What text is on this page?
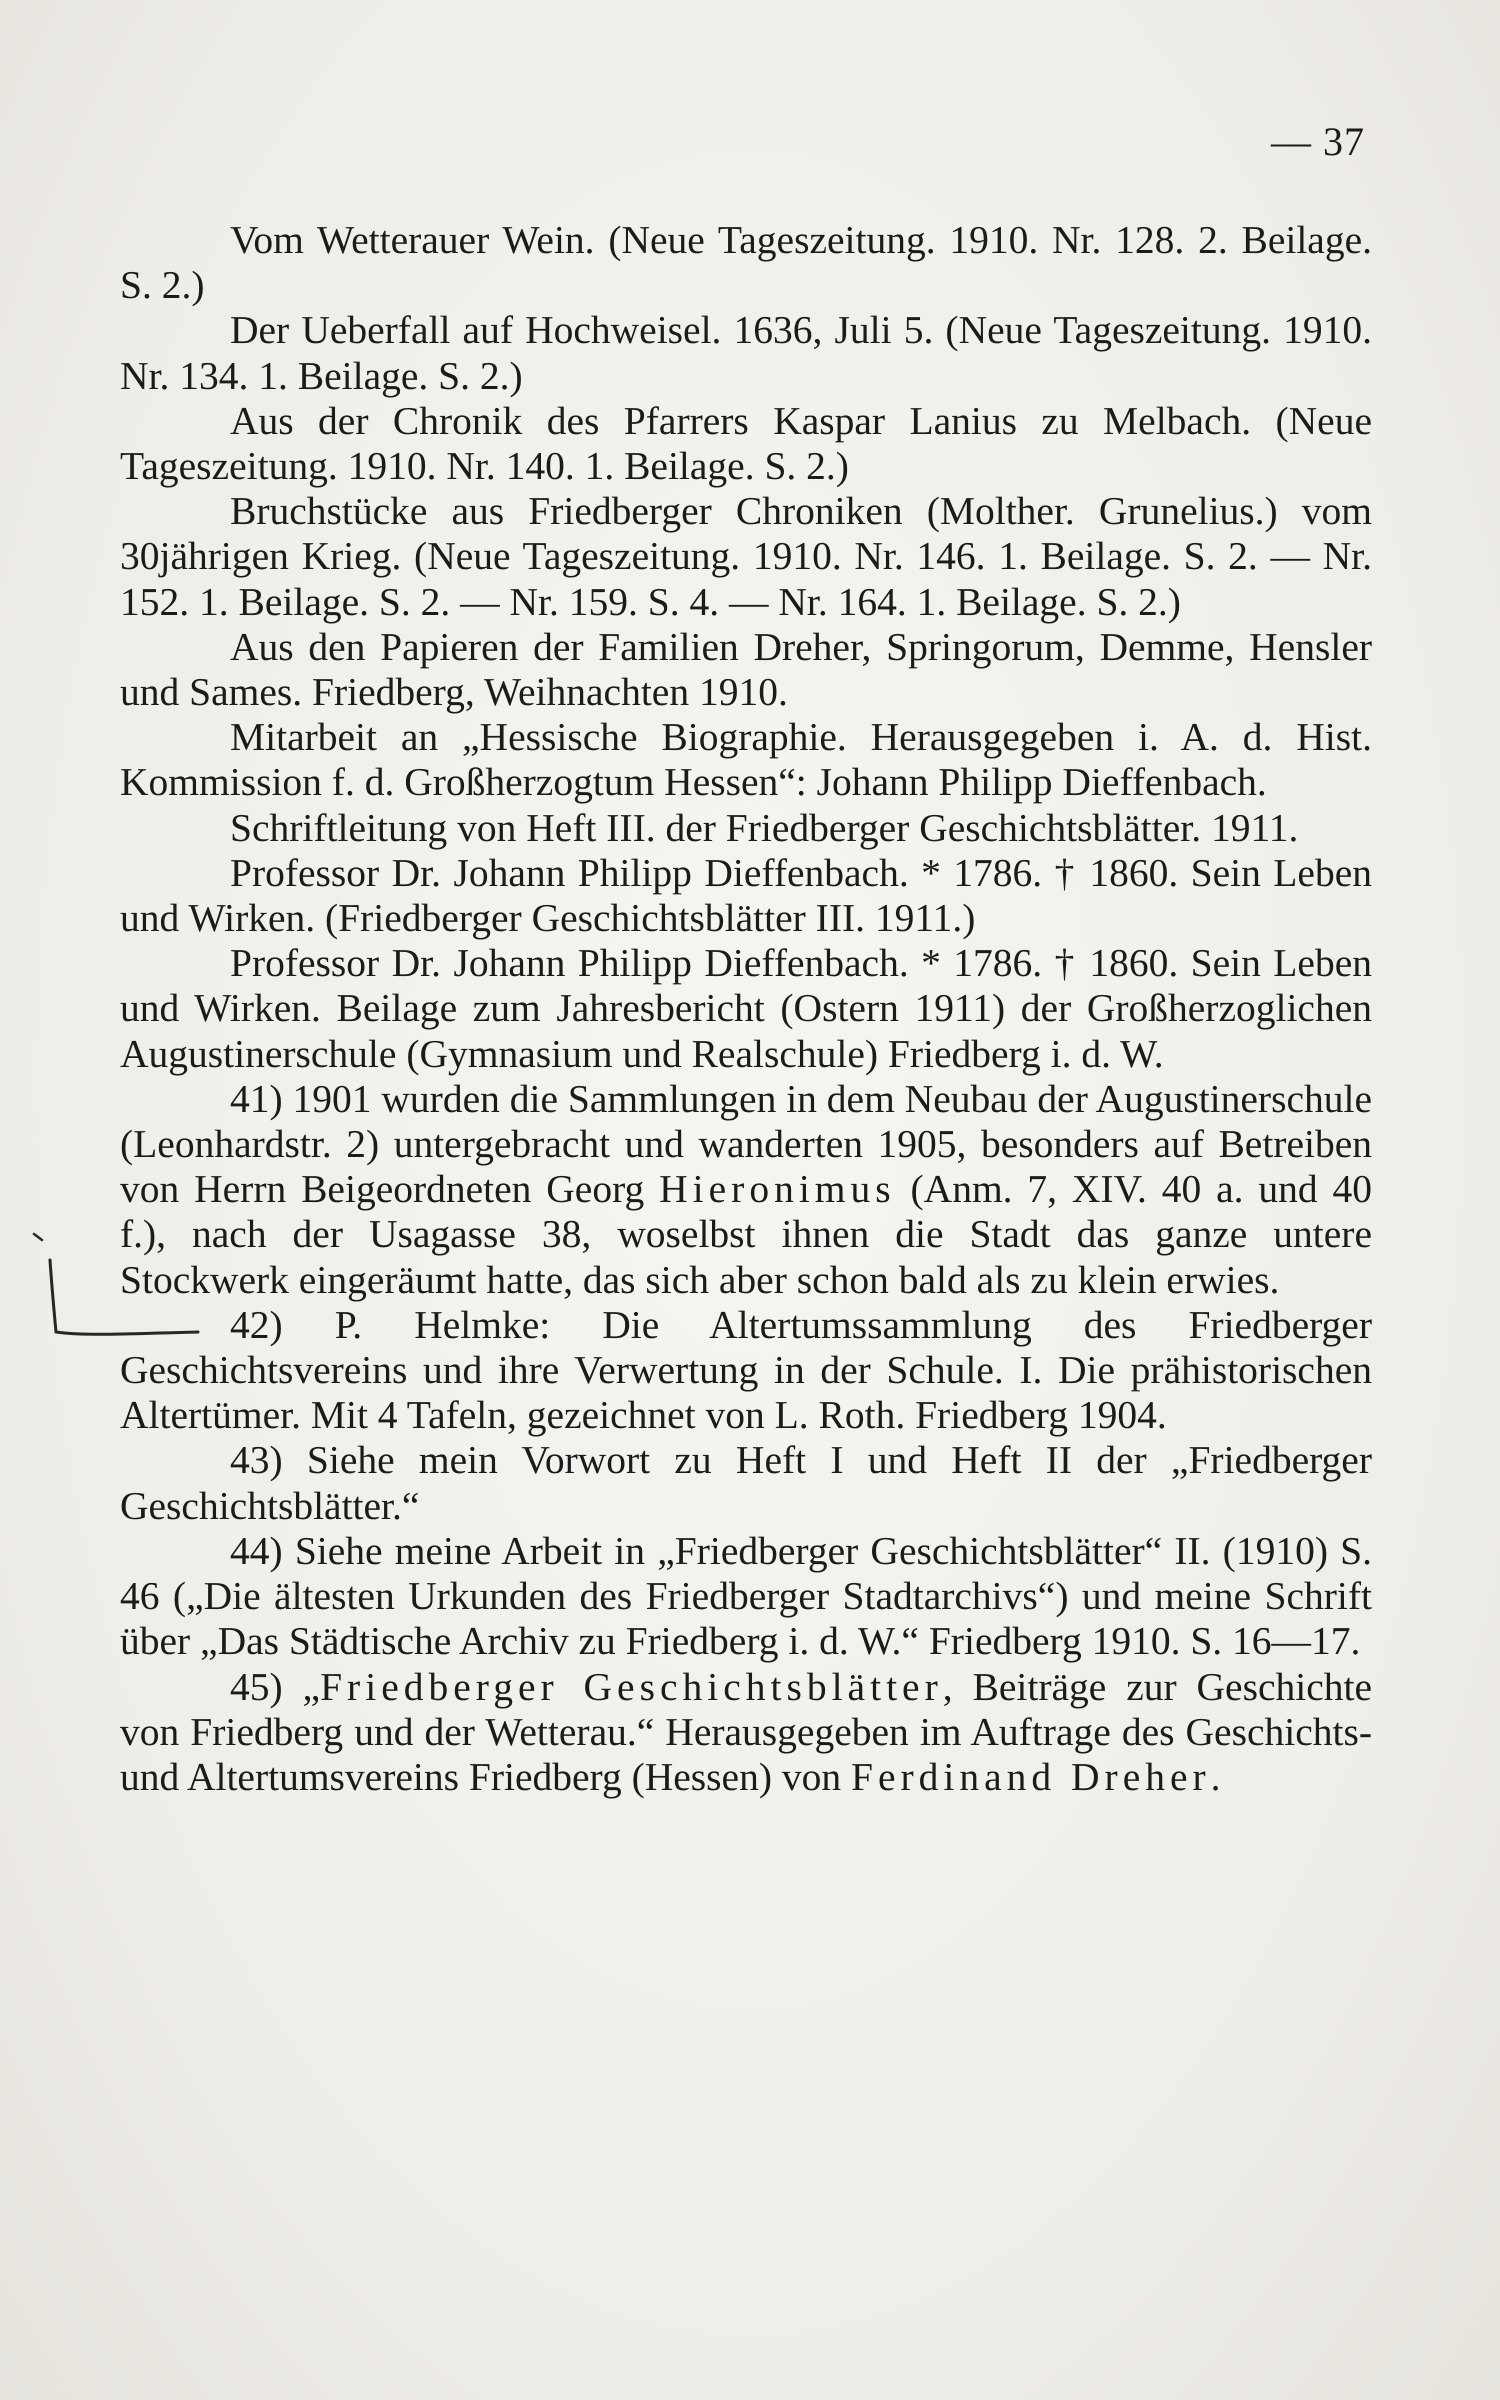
— 37

Vom Wetterauer Wein. (Neue Tageszeitung. 1910. Nr. 128. 2. Beilage. S. 2.)

Der Ueberfall auf Hochweisel. 1636, Juli 5. (Neue Tageszeitung. 1910. Nr. 134. 1. Beilage. S. 2.)

Aus der Chronik des Pfarrers Kaspar Lanius zu Melbach. (Neue Tageszeitung. 1910. Nr. 140. 1. Beilage. S. 2.)

Bruchstücke aus Friedberger Chroniken (Molther. Grunelius.) vom 30jährigen Krieg. (Neue Tageszeitung. 1910. Nr. 146. 1. Beilage. S. 2. — Nr. 152. 1. Beilage. S. 2. — Nr. 159. S. 4. — Nr. 164. 1. Beilage. S. 2.)

Aus den Papieren der Familien Dreher, Springorum, Demme, Hensler und Sames. Friedberg, Weihnachten 1910.

Mitarbeit an „Hessische Biographie. Herausgegeben i. A. d. Hist. Kommission f. d. Großherzogtum Hessen“: Johann Philipp Dieffenbach.

Schriftleitung von Heft III. der Friedberger Geschichtsblätter. 1911.

Professor Dr. Johann Philipp Dieffenbach. * 1786. † 1860. Sein Leben und Wirken. (Friedberger Geschichtsblätter III. 1911.)

Professor Dr. Johann Philipp Dieffenbach. * 1786. † 1860. Sein Leben und Wirken. Beilage zum Jahresbericht (Ostern 1911) der Großherzoglichen Augustinerschule (Gymnasium und Realschule) Friedberg i. d. W.

41) 1901 wurden die Sammlungen in dem Neubau der Augustinerschule (Leonhardstr. 2) untergebracht und wanderten 1905, besonders auf Betreiben von Herrn Beigeordneten Georg Hieronimus (Anm. 7, XIV. 40 a. und 40 f.), nach der Usagasse 38, woselbst ihnen die Stadt das ganze untere Stockwerk eingeräumt hatte, das sich aber schon bald als zu klein erwies.

42) P. Helmke: Die Altertumssammlung des Friedberger Geschichtsvereins und ihre Verwertung in der Schule. I. Die prähistorischen Altertümer. Mit 4 Tafeln, gezeichnet von L. Roth. Friedberg 1904.

43) Siehe mein Vorwort zu Heft I und Heft II der „Friedberger Geschichtsblätter.“

44) Siehe meine Arbeit in „Friedberger Geschichtsblätter“ II. (1910) S. 46 („Die ältesten Urkunden des Friedberger Stadtarchivs“) und meine Schrift über „Das Städtische Archiv zu Friedberg i. d. W.“ Friedberg 1910. S. 16—17.

45) „Friedberger Geschichtsblätter, Beiträge zur Geschichte von Friedberg und der Wetterau.“ Herausgegeben im Auftrage des Geschichts- und Altertumsvereins Friedberg (Hessen) von Ferdinand Dreher.
